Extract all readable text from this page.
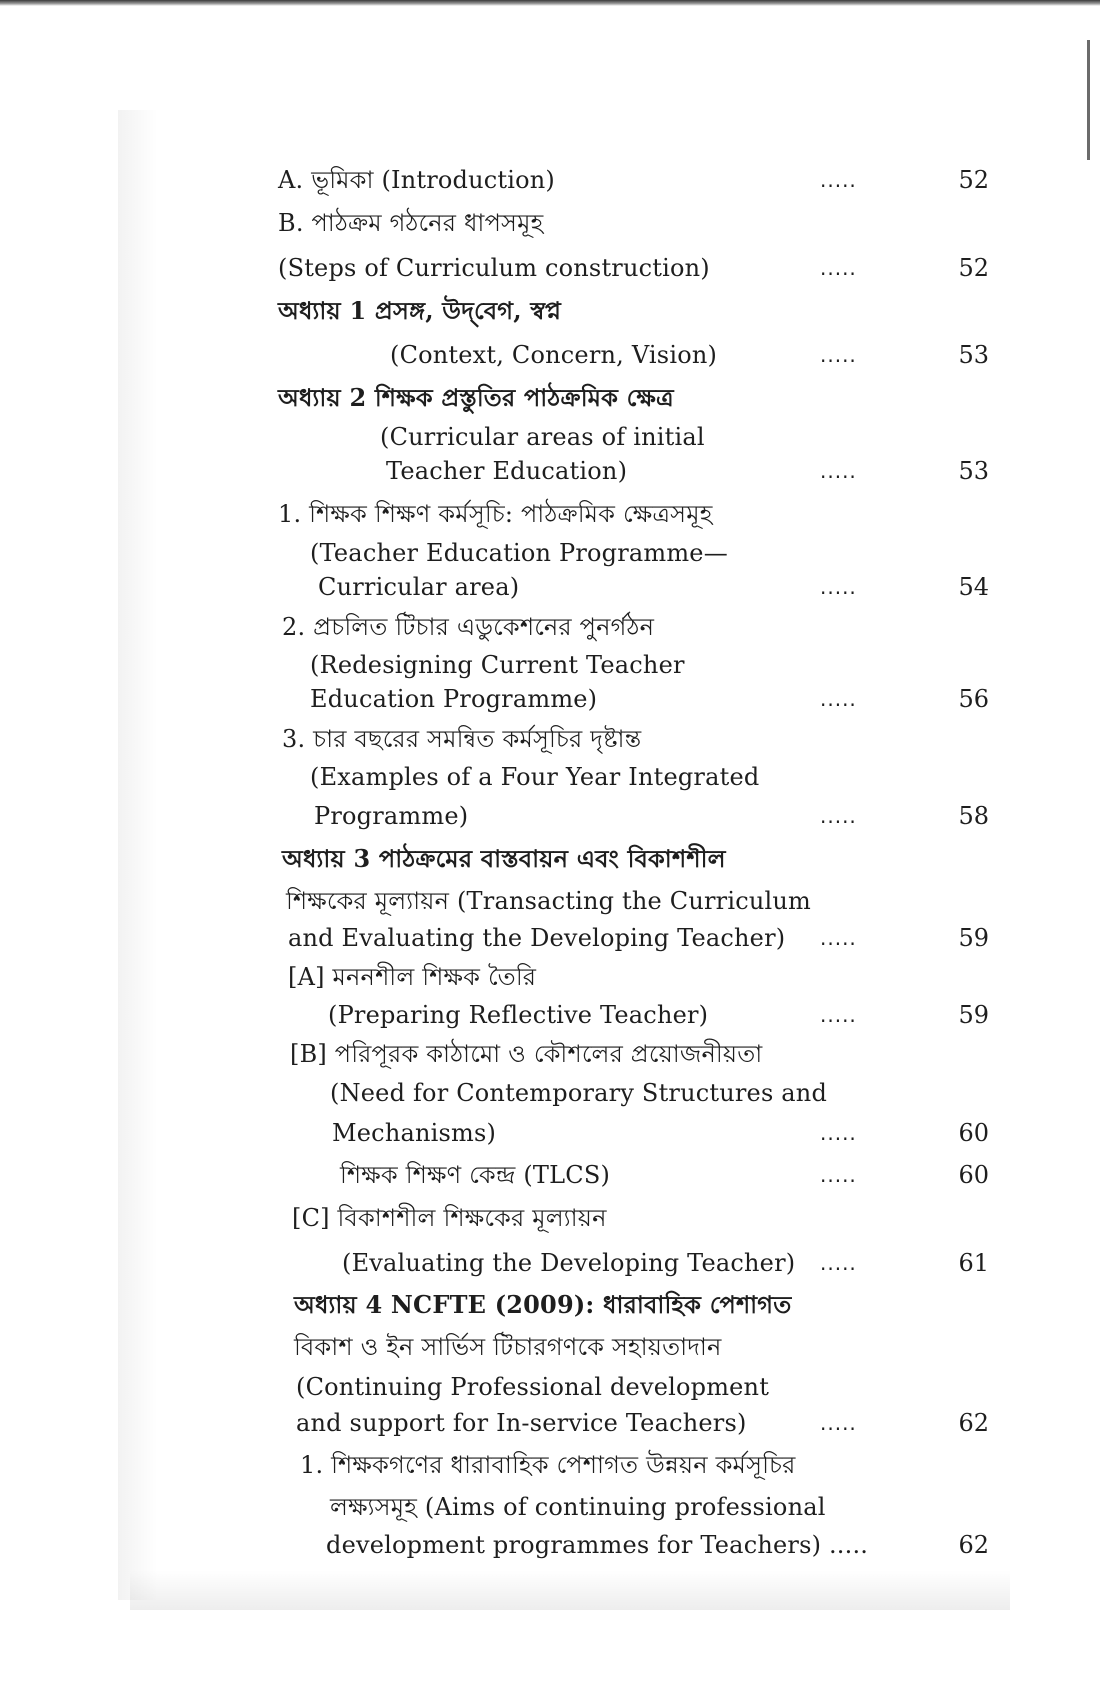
A. ভূমিকা (Introduction)	.....	52
B. পাঠক্রম গঠনের ধাপসমূহ
(Steps of Curriculum construction)	.....	52
অধ্যায় 1 প্রসঙ্গ, উদ্‌বেগ, স্বপ্ন
(Context, Concern, Vision)	.....	53
অধ্যায় 2 শিক্ষক প্রস্তুতির পাঠক্রমিক ক্ষেত্র
(Curricular areas of initial
Teacher Education)	.....	53
1. শিক্ষক শিক্ষণ কর্মসূচি: পাঠক্রমিক ক্ষেত্রসমূহ
(Teacher Education Programme—
Curricular area)	.....	54
2. প্রচলিত টিচার এডুকেশনের পুনর্গঠন
(Redesigning Current Teacher
Education Programme)	.....	56
3. চার বছরের সমন্বিত কর্মসূচির দৃষ্টান্ত
(Examples of a Four Year Integrated
Programme)	.....	58
অধ্যায় 3 পাঠক্রমের বাস্তবায়ন এবং বিকাশশীল
শিক্ষকের মূল্যায়ন (Transacting the Curriculum
and Evaluating the Developing Teacher) .....	59
[A] মননশীল শিক্ষক তৈরি
(Preparing Reflective Teacher)	.....	59
[B] পরিপূরক কাঠামো ও কৌশলের প্রয়োজনীয়তা
(Need for Contemporary Structures and
Mechanisms)	.....	60
শিক্ষক শিক্ষণ কেন্দ্র (TLCS)	.....	60
[C] বিকাশশীল শিক্ষকের মূল্যায়ন
(Evaluating the Developing Teacher) .....	61
অধ্যায় 4 NCFTE (2009): ধারাবাহিক পেশাগত
বিকাশ ও ইন সার্ভিস টিচারগণকে সহায়তাদান
(Continuing Professional development
and support for In-service Teachers)	.....	62
1. শিক্ষকগণের ধারাবাহিক পেশাগত উন্নয়ন কর্মসূচির
লক্ষ্যসমূহ (Aims of continuing professional
development programmes for Teachers) .....	62
